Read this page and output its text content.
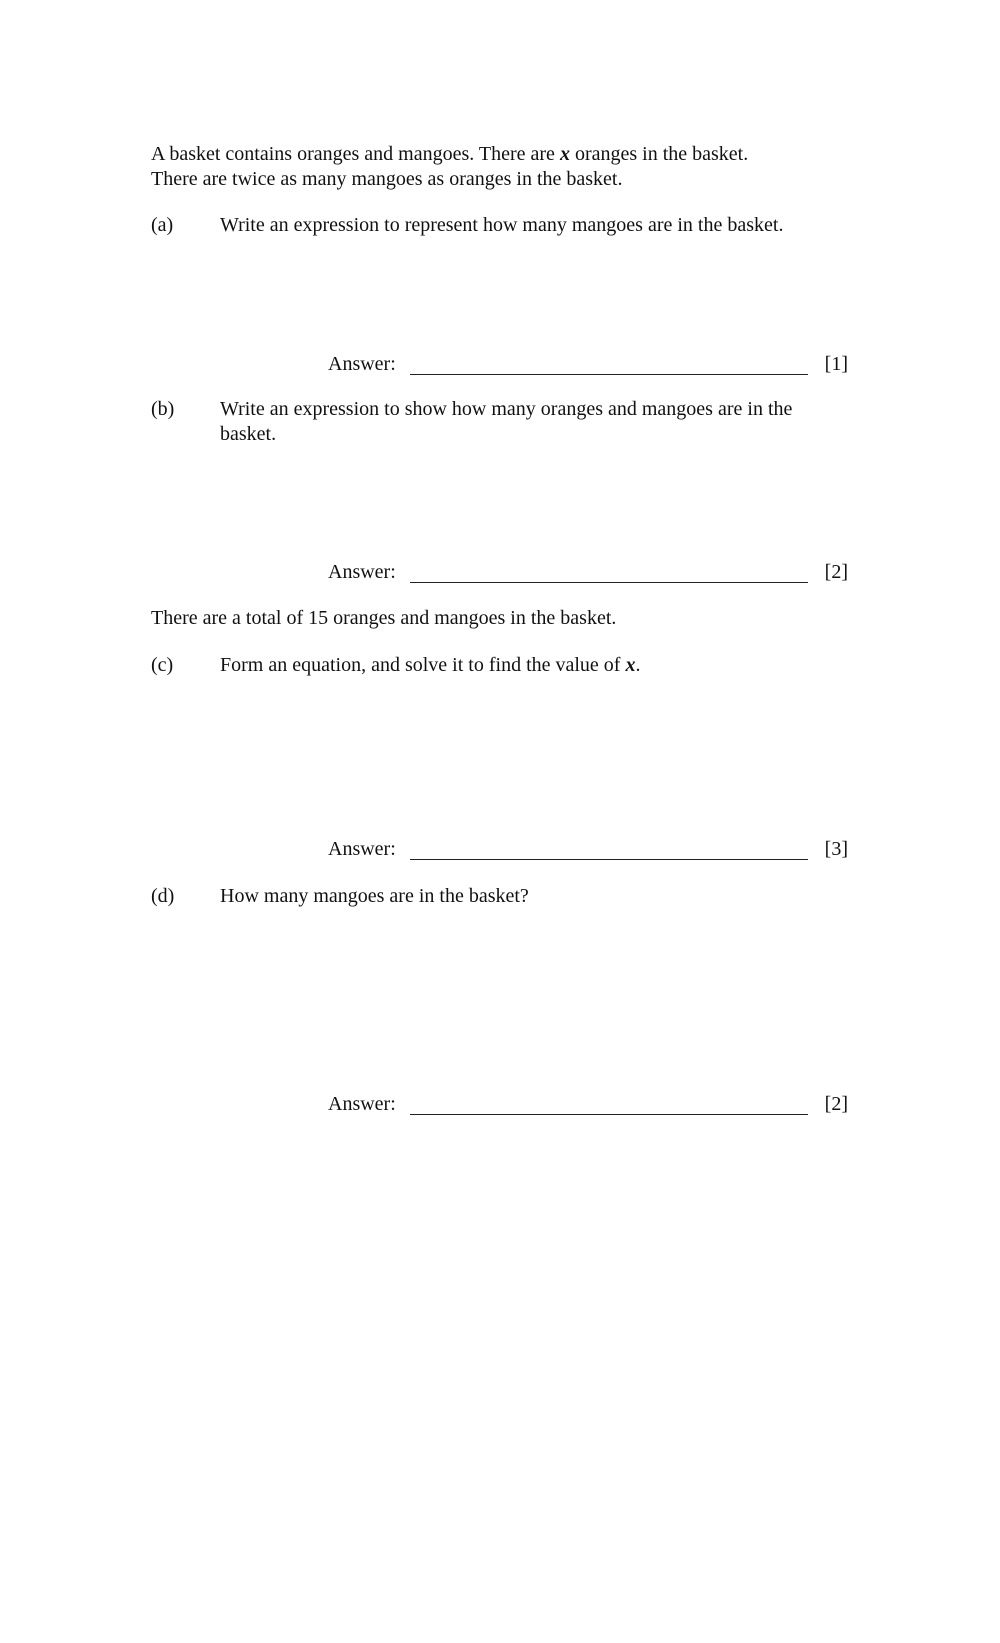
A basket contains oranges and mangoes. There are x oranges in the basket.

There are twice as many mangoes as oranges in the basket.

(a)	Write an expression to represent how many mangoes are in the basket.
Answer:	[1]
(b)	Write an expression to show how many oranges and mangoes are in the basket.
Answer:	[2]
There are a total of 15 oranges and mangoes in the basket.
(c)	Form an equation, and solve it to find the value of x.
Answer:	[3]
(d)	How many mangoes are in the basket?
Answer:	[2]
